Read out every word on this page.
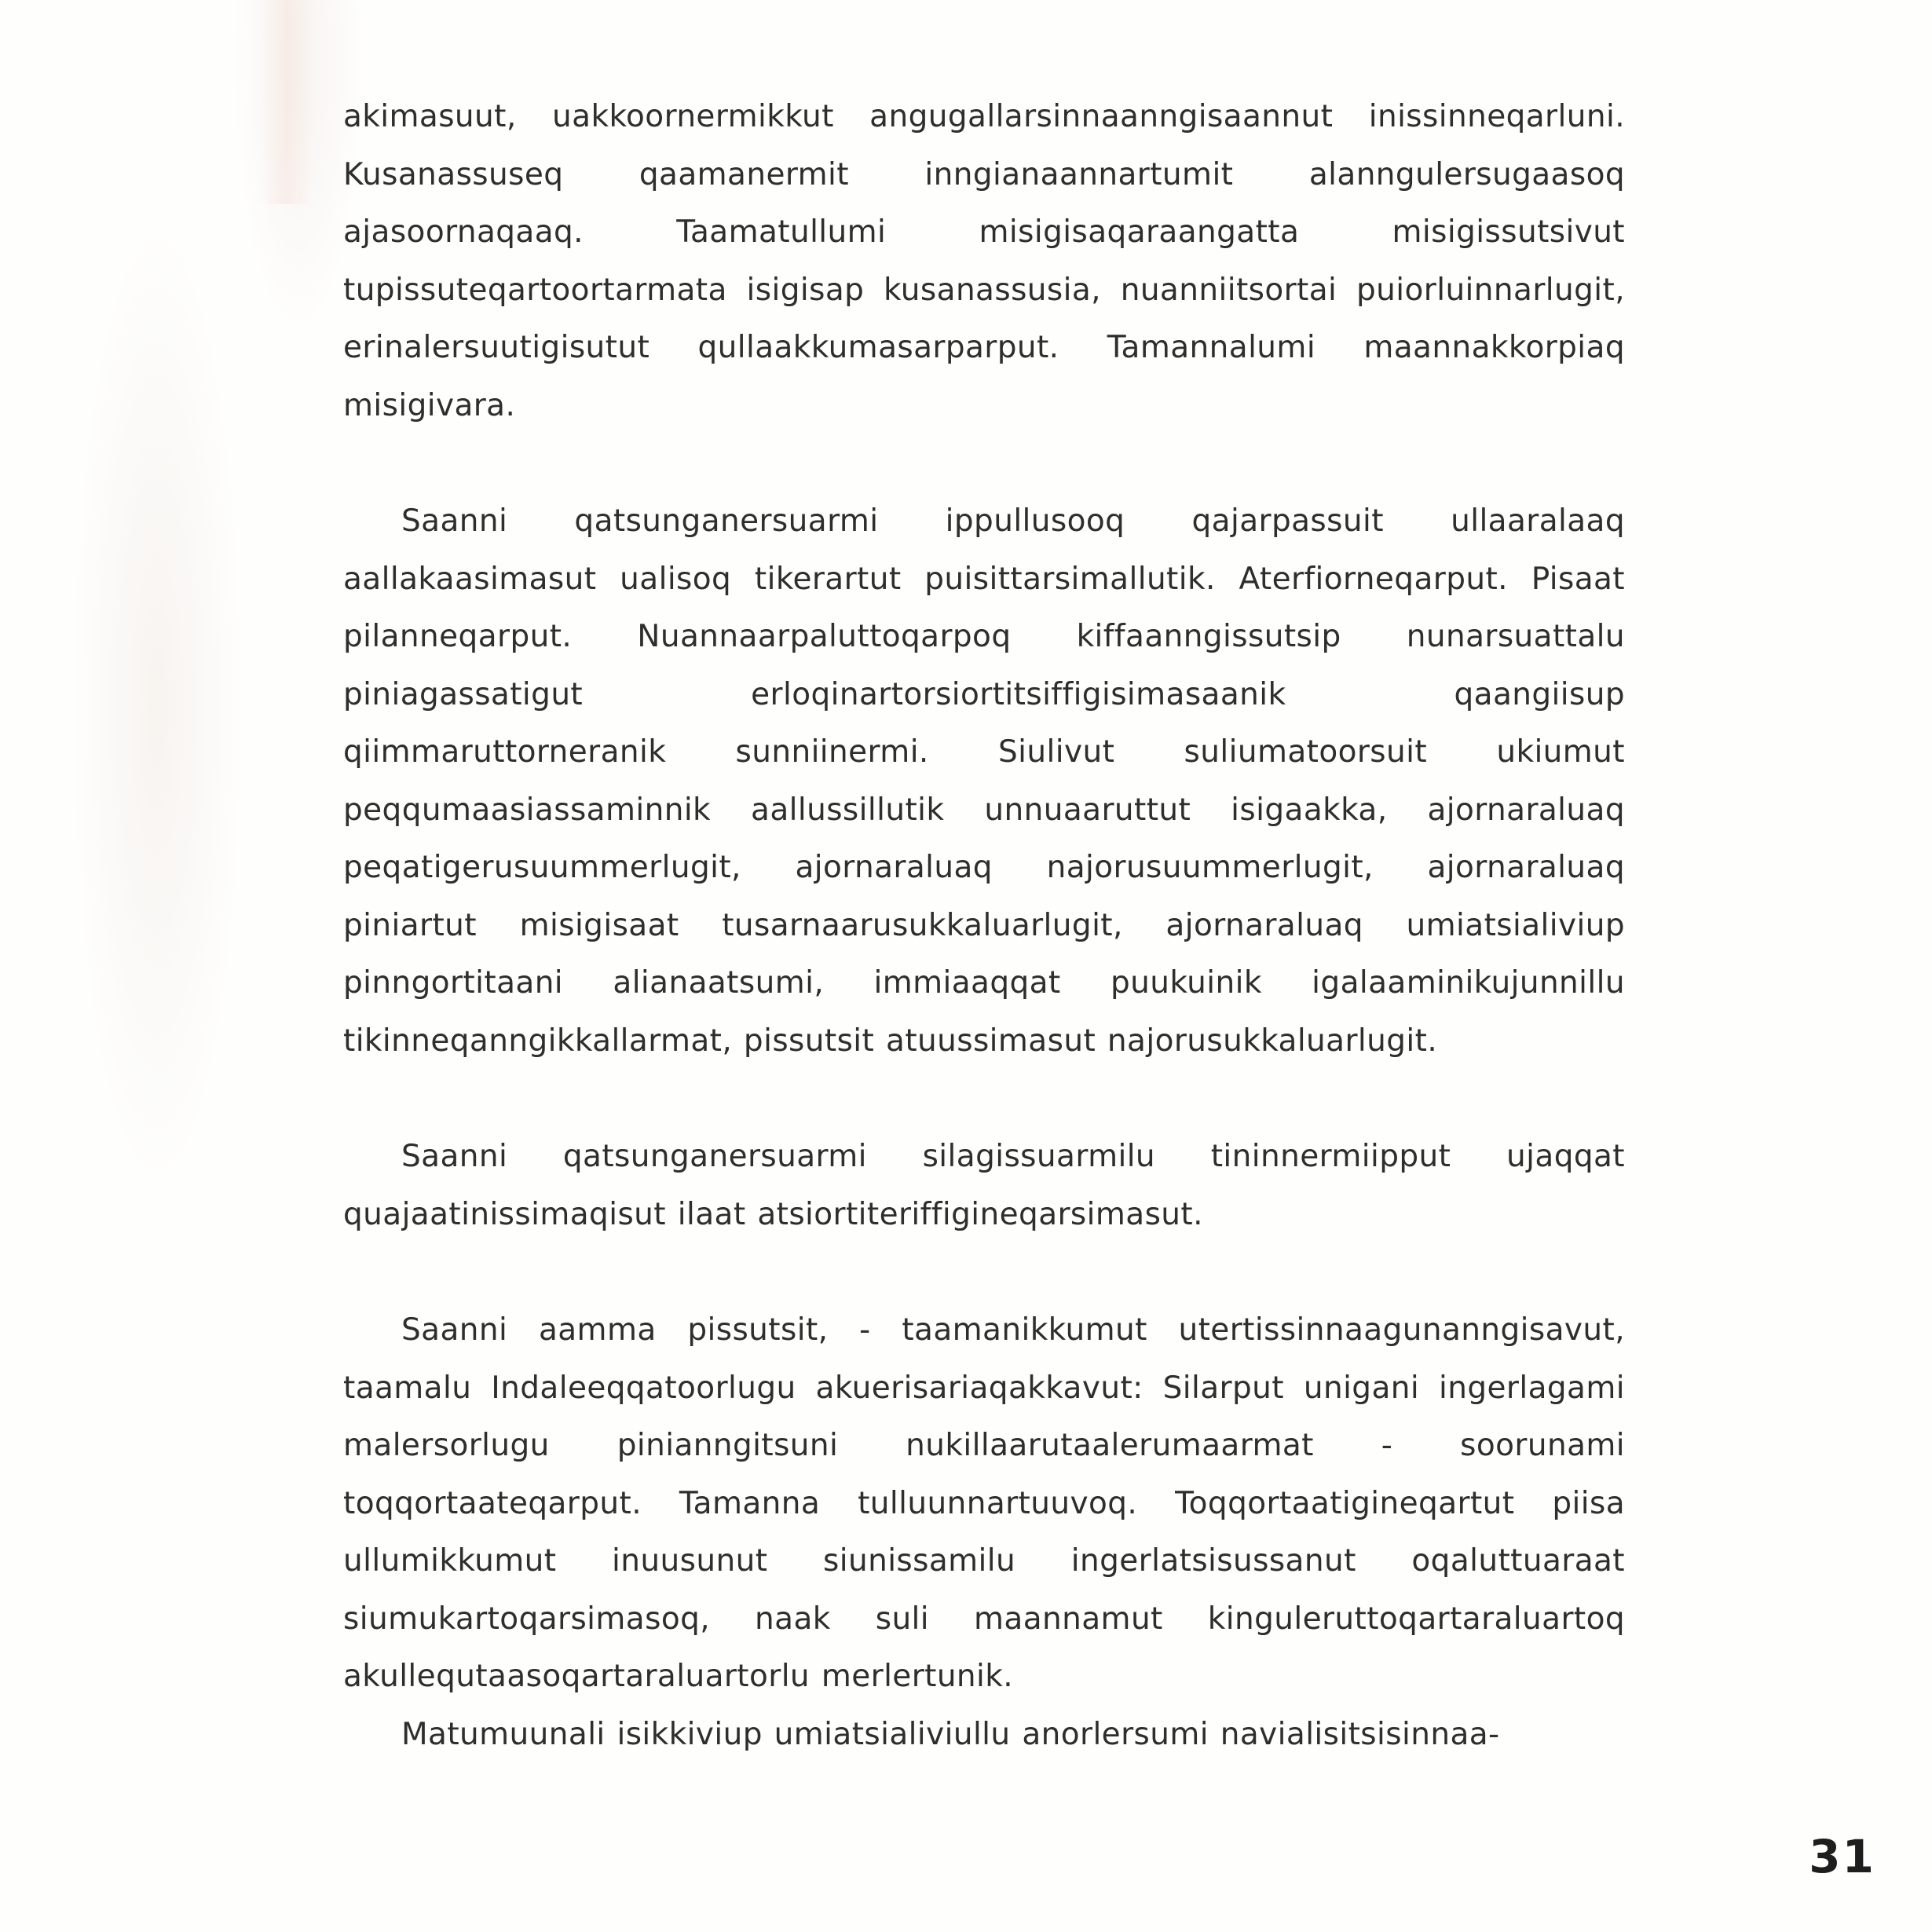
akimasuut, uakkoornermikkut angugallarsinnaanngisaannut inissinneqarluni. Kusanassuseq qaamanermit inngianaannartumit alanngulersugaasoq ajasoornaqaaq. Taamatullumi misigisaqaraangatta misigissutsivut tupissuteqartoortarmata isigisap kusanassusia, nuanniitsortai puiorluinnarlugit, erinalersuutigisutut qullaakkumasarparput. Tamannalumi maannakkorpiaq misigivara.

Saanni qatsunganersuarmi ippullusooq qajarpassuit ullaaralaaq aallakaasimasut ualisoq tikerartut puisittarsimallutik. Aterfiorneqarput. Pisaat pilanneqarput. Nuannaarpaluttoqarpoq kiffaanngissutsip nunarsuattalu piniagassatigut erloqinartorsiortitsiffigisimasaanik qaangiisup qiimmaruttorneranik sunniinermi. Siulivut suliumatoorsuit ukiumut peqqumaasiassaminnik aallussillutik unnuaaruttut isigaakka, ajornaraluaq peqatigerusuummerlugit, ajornaraluaq najorusuummerlugit, ajornaraluaq piniartut misigisaat tusarnaarusukkaluarlugit, ajornaraluaq umiatsialiviup pinngortitaani alianaatsumi, immiaaqqat puukuinik igalaaminikujunnillu tikinneqanngikkallarmat, pissutsit atuussimasut najorusukkaluarlugit.

Saanni qatsunganersuarmi silagissuarmilu tininnermiipput ujaqqat quajaatinissimaqisut ilaat atsiortiteriffigineqarsimasut.

Saanni aamma pissutsit, - taamanikkumut utertissinnaagunanngisavut, taamalu Indaleeqqatoorlugu akuerisariaqakkavut: Silarput unigani ingerlagami malersorlugu pinianngitsuni nukillaarutaalerumaarmat - soorunami toqqortaateqarput. Tamanna tulluunnartuuvoq. Toqqortaatigineqartut piisa ullumikkumut inuusunut siunissamilu ingerlatsisussanut oqaluttuaraat siumukartoqarsimasoq, naak suli maannamut kinguleruttoqartaraluartoq akullequtaasoqartaraluartorlu merlertunik.

Matumuunali isikkiviup umiatsialiviullu anorlersumi navialisitsisinnaa-

31
